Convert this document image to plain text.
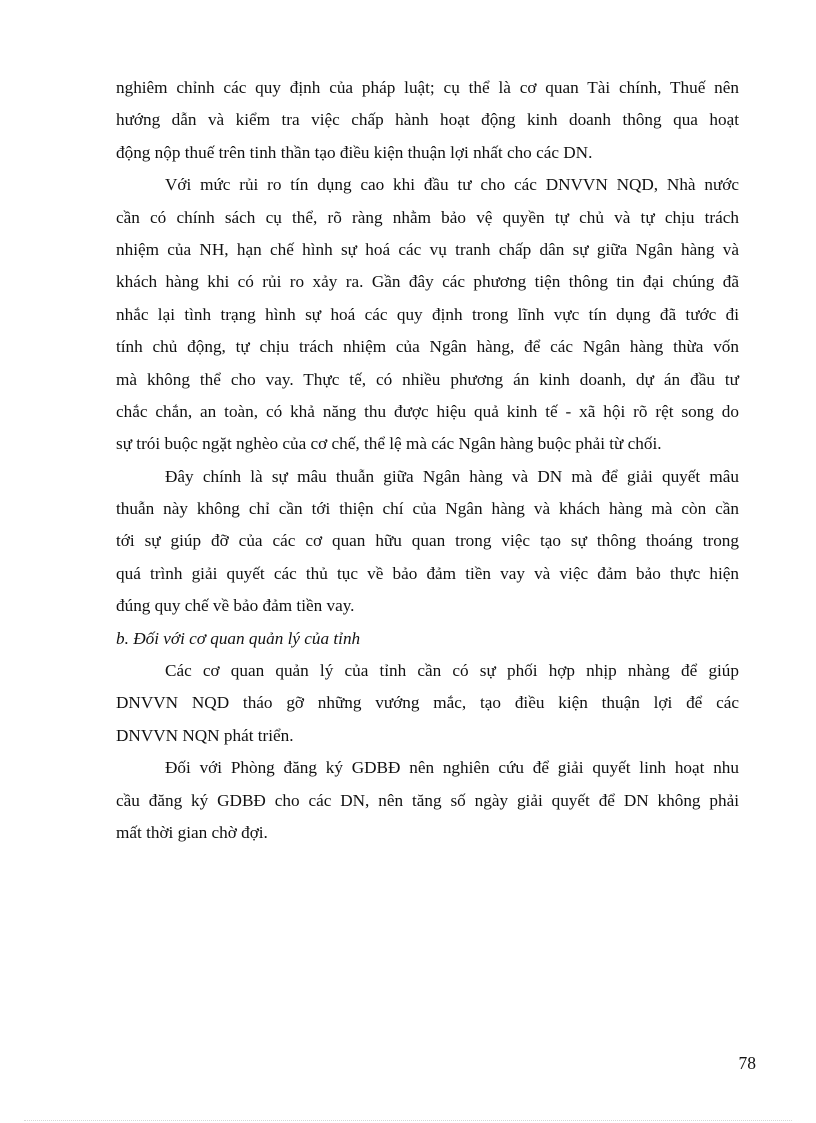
nghiêm chỉnh các quy định của pháp luật; cụ thể là cơ quan Tài chính, Thuế nên
hướng dẫn và kiểm tra việc chấp hành hoạt động kinh doanh thông qua hoạt
động nộp thuế trên tinh thần tạo điều kiện thuận lợi nhất cho các DN.
Với mức rủi ro tín dụng cao khi đầu tư cho các DNVVN NQD, Nhà nước
cần có chính sách cụ thể, rõ ràng nhằm bảo vệ quyền tự chủ và tự chịu trách
nhiệm của NH, hạn chế hình sự hoá các vụ tranh chấp dân sự giữa Ngân hàng và
khách hàng khi có rủi ro xảy ra. Gần đây các phương tiện thông tin đại chúng đã
nhắc lại tình trạng hình sự hoá các quy định trong lĩnh vực tín dụng đã tước đi
tính chủ động, tự chịu trách nhiệm của Ngân hàng, để các Ngân hàng thừa vốn
mà không thể cho vay. Thực tế, có nhiều phương án kinh doanh, dự án đầu tư
chắc chắn, an toàn, có khả năng thu được hiệu quả kinh tế - xã hội rõ rệt song do
sự trói buộc ngặt nghèo của cơ chế, thể lệ mà các Ngân hàng buộc phải từ chối.
Đây chính là sự mâu thuẫn giữa Ngân hàng và DN mà để giải quyết mâu
thuẫn này không chỉ cần tới thiện chí của Ngân hàng và khách hàng mà còn cần
tới sự giúp đỡ của các cơ quan hữu quan trong việc tạo sự thông thoáng trong
quá trình giải quyết các thủ tục về bảo đảm tiền vay và việc đảm bảo thực hiện
đúng quy chế về bảo đảm tiền vay.
b. Đối với cơ quan quản lý của tỉnh
Các cơ quan quản lý của tỉnh cần có sự phối hợp nhịp nhàng để giúp
DNVVN NQD tháo gỡ những vướng mắc, tạo điều kiện thuận lợi để các
DNVVN NQN phát triển.
Đối với Phòng đăng ký GDBĐ nên nghiên cứu để giải quyết linh hoạt nhu
cầu đăng ký GDBĐ cho các DN, nên tăng số ngày giải quyết để DN không phải
mất thời gian chờ đợi.
78
